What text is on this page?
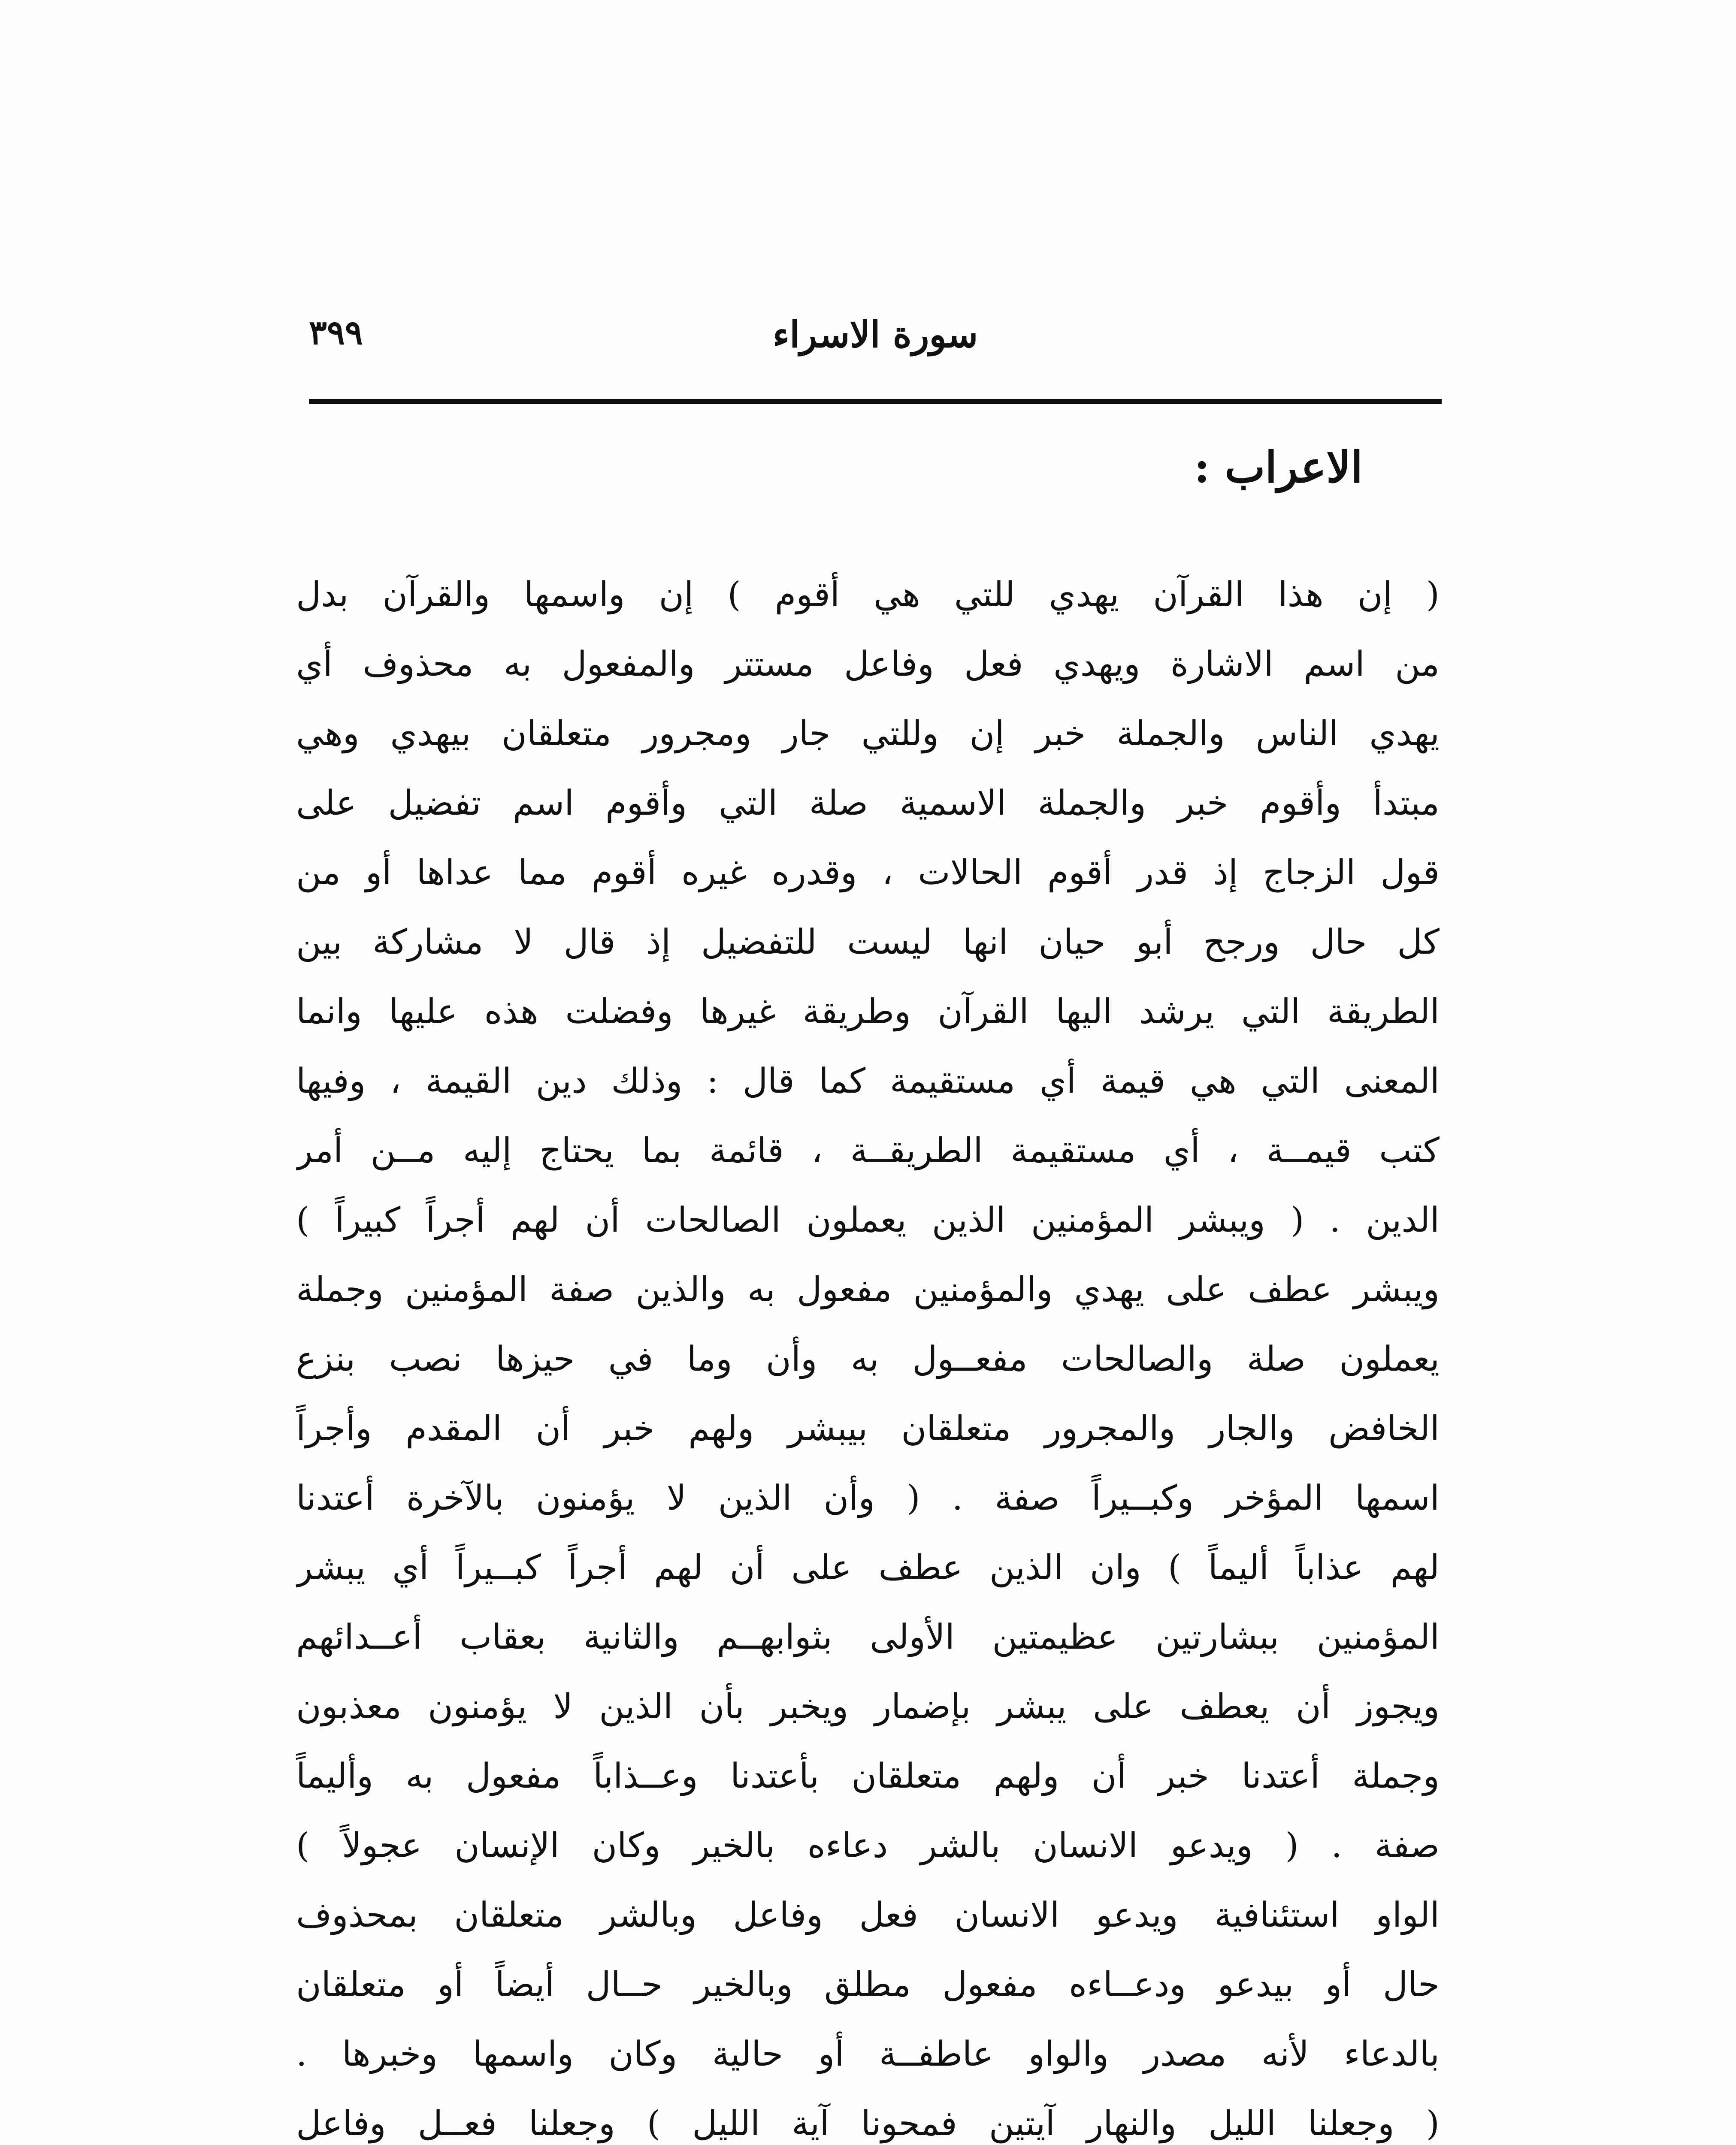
٣٩٩	سورة الاسراء
الاعراب :
( إن هذا القرآن يهدي للتي هي أقوم ) إن واسمها والقرآن بدل
من اسم الاشارة ويهدي فعل وفاعل مستتر والمفعول به محذوف أي
يهدي الناس والجملة خبر إن وللتي جار ومجرور متعلقان بيهدي وهي
مبتدأ وأقوم خبر والجملة الاسمية صلة التي وأقوم اسم تفضيل على
قول الزجاج إذ قدر أقوم الحالات ، وقدره غيره أقوم مما عداها أو من
كل حال ورجح أبو حيان انها ليست للتفضيل إذ قال لا مشاركة بين
الطريقة التي يرشد اليها القرآن وطريقة غيرها وفضلت هذه عليها وانما
المعنى التي هي قيمة أي مستقيمة كما قال : وذلك دين القيمة ، وفيها
كتب قيمــة ، أي مستقيمة الطريقــة ، قائمة بما يحتاج إليه مــن أمر
الدين . ( ويبشر المؤمنين الذين يعملون الصالحات أن لهم أجراً كبيراً )
ويبشر عطف على يهدي والمؤمنين مفعول به والذين صفة المؤمنين وجملة
يعملون صلة والصالحات مفعــول به وأن وما في حيزها نصب بنزع
الخافض والجار والمجرور متعلقان بيبشر ولهم خبر أن المقدم وأجراً
اسمها المؤخر وكبــيراً صفة . ( وأن الذين لا يؤمنون بالآخرة أعتدنا
لهم عذاباً أليماً ) وان الذين عطف على أن لهم أجراً كبــيراً أي يبشر
المؤمنين ببشارتين عظيمتين الأولى بثوابهــم والثانية بعقاب أعــدائهم
ويجوز أن يعطف على يبشر بإضمار ويخبر بأن الذين لا يؤمنون معذبون
وجملة أعتدنا خبر أن ولهم متعلقان بأعتدنا وعــذاباً مفعول به وأليماً
صفة . ( ويدعو الانسان بالشر دعاءه بالخير وكان الإنسان عجولاً )
الواو استئنافية ويدعو الانسان فعل وفاعل وبالشر متعلقان بمحذوف
حال أو بيدعو ودعــاءه مفعول مطلق وبالخير حــال أيضاً أو متعلقان
بالدعاء لأنه مصدر والواو عاطفــة أو حالية وكان واسمها وخبرها .
( وجعلنا الليل والنهار آيتين فمحونا آية الليل ) وجعلنا فعــل وفاعل
